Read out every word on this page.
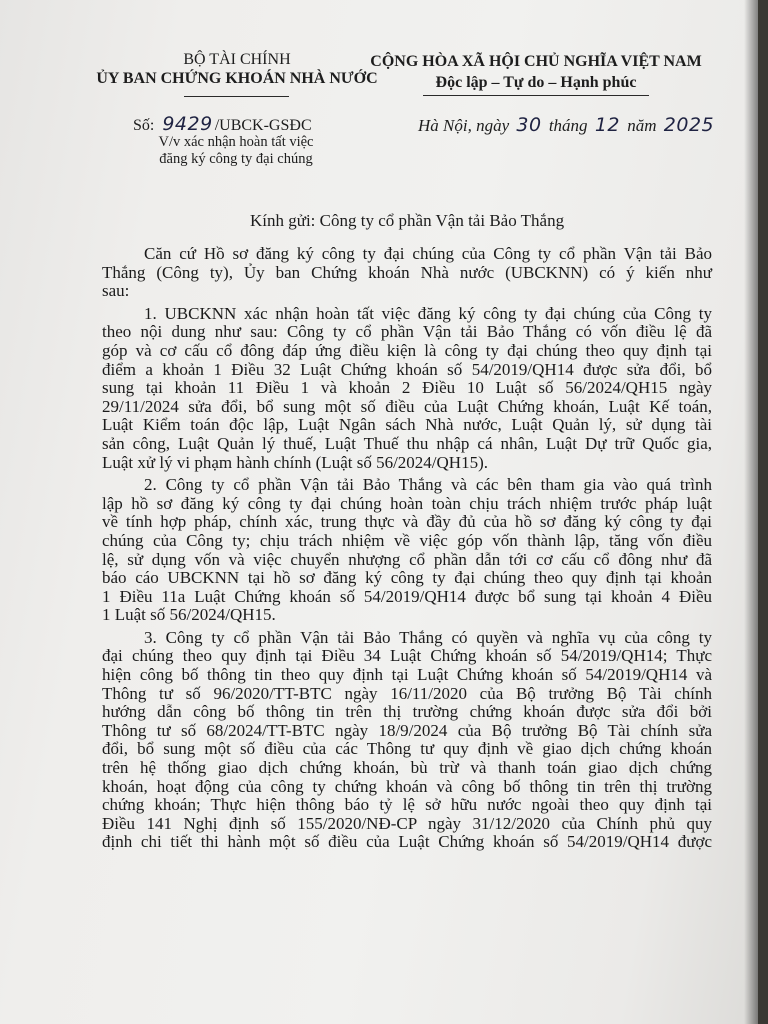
BỘ TÀI CHÍNH
ỦY BAN CHỨNG KHOÁN NHÀ NƯỚC
CỘNG HÒA XÃ HỘI CHỦ NGHĨA VIỆT NAM
Độc lập – Tự do – Hạnh phúc
Số: 9429 /UBCK-GSĐC
V/v xác nhận hoàn tất việc
đăng ký công ty đại chúng
Hà Nội, ngày 30 tháng 12 năm 2025
Kính gửi: Công ty cổ phần Vận tải Bảo Thắng
Căn cứ Hồ sơ đăng ký công ty đại chúng của Công ty cổ phần Vận tải Bảo
Thắng (Công ty), Ủy ban Chứng khoán Nhà nước (UBCKNN) có ý kiến như
sau:
1. UBCKNN xác nhận hoàn tất việc đăng ký công ty đại chúng của Công ty
theo nội dung như sau: Công ty cổ phần Vận tải Bảo Thắng có vốn điều lệ đã
góp và cơ cấu cổ đông đáp ứng điều kiện là công ty đại chúng theo quy định tại
điểm a khoản 1 Điều 32 Luật Chứng khoán số 54/2019/QH14 được sửa đổi, bổ
sung tại khoản 11 Điều 1 và khoản 2 Điều 10 Luật số 56/2024/QH15 ngày
29/11/2024 sửa đổi, bổ sung một số điều của Luật Chứng khoán, Luật Kế toán,
Luật Kiểm toán độc lập, Luật Ngân sách Nhà nước, Luật Quản lý, sử dụng tài
sản công, Luật Quản lý thuế, Luật Thuế thu nhập cá nhân, Luật Dự trữ Quốc gia,
Luật xử lý vi phạm hành chính (Luật số 56/2024/QH15).
2. Công ty cổ phần Vận tải Bảo Thắng và các bên tham gia vào quá trình
lập hồ sơ đăng ký công ty đại chúng hoàn toàn chịu trách nhiệm trước pháp luật
về tính hợp pháp, chính xác, trung thực và đầy đủ của hồ sơ đăng ký công ty đại
chúng của Công ty; chịu trách nhiệm về việc góp vốn thành lập, tăng vốn điều
lệ, sử dụng vốn và việc chuyển nhượng cổ phần dẫn tới cơ cấu cổ đông như đã
báo cáo UBCKNN tại hồ sơ đăng ký công ty đại chúng theo quy định tại khoản
1 Điều 11a Luật Chứng khoán số 54/2019/QH14 được bổ sung tại khoản 4 Điều
1 Luật số 56/2024/QH15.
3. Công ty cổ phần Vận tải Bảo Thắng có quyền và nghĩa vụ của công ty
đại chúng theo quy định tại Điều 34 Luật Chứng khoán số 54/2019/QH14; Thực
hiện công bố thông tin theo quy định tại Luật Chứng khoán số 54/2019/QH14 và
Thông tư số 96/2020/TT-BTC ngày 16/11/2020 của Bộ trưởng Bộ Tài chính
hướng dẫn công bố thông tin trên thị trường chứng khoán được sửa đổi bởi
Thông tư số 68/2024/TT-BTC ngày 18/9/2024 của Bộ trưởng Bộ Tài chính sửa
đổi, bổ sung một số điều của các Thông tư quy định về giao dịch chứng khoán
trên hệ thống giao dịch chứng khoán, bù trừ và thanh toán giao dịch chứng
khoán, hoạt động của công ty chứng khoán và công bố thông tin trên thị trường
chứng khoán; Thực hiện thông báo tỷ lệ sở hữu nước ngoài theo quy định tại
Điều 141 Nghị định số 155/2020/NĐ-CP ngày 31/12/2020 của Chính phủ quy
định chi tiết thi hành một số điều của Luật Chứng khoán số 54/2019/QH14 được
